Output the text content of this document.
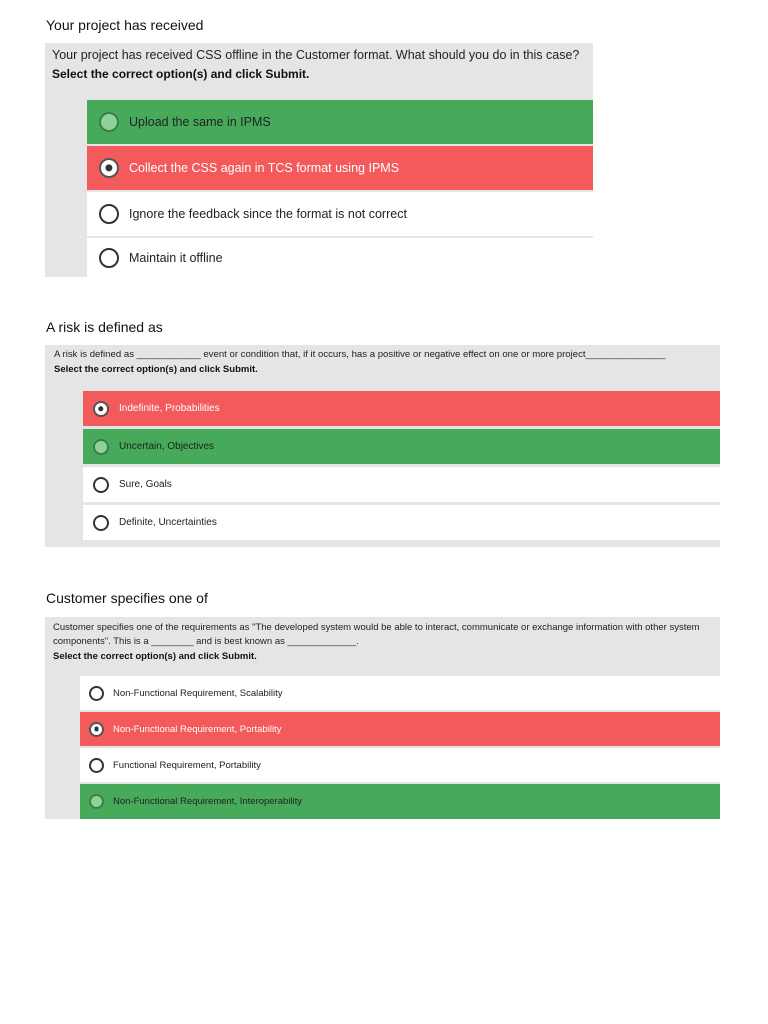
Your project has received
Your project has received CSS offline in the Customer format. What should you do in this case?
Select the correct option(s) and click Submit.
Upload the same in IPMS
Collect the CSS again in TCS format using IPMS
Ignore the feedback since the format is not correct
Maintain it offline
A risk is defined as
A risk is defined as ____________ event or condition that, if it occurs, has a positive or negative effect on one or more project_______________
Select the correct option(s) and click Submit.
Indefinite, Probabilities
Uncertain, Objectives
Sure, Goals
Definite, Uncertainties
Customer specifies one of
Customer specifies one of the requirements as "The developed system would be able to interact, communicate or exchange information with other system components". This is a ________ and is best known as _____________.
Select the correct option(s) and click Submit.
Non-Functional Requirement, Scalability
Non-Functional Requirement, Portability
Functional Requirement, Portability
Non-Functional Requirement, Interoperability
